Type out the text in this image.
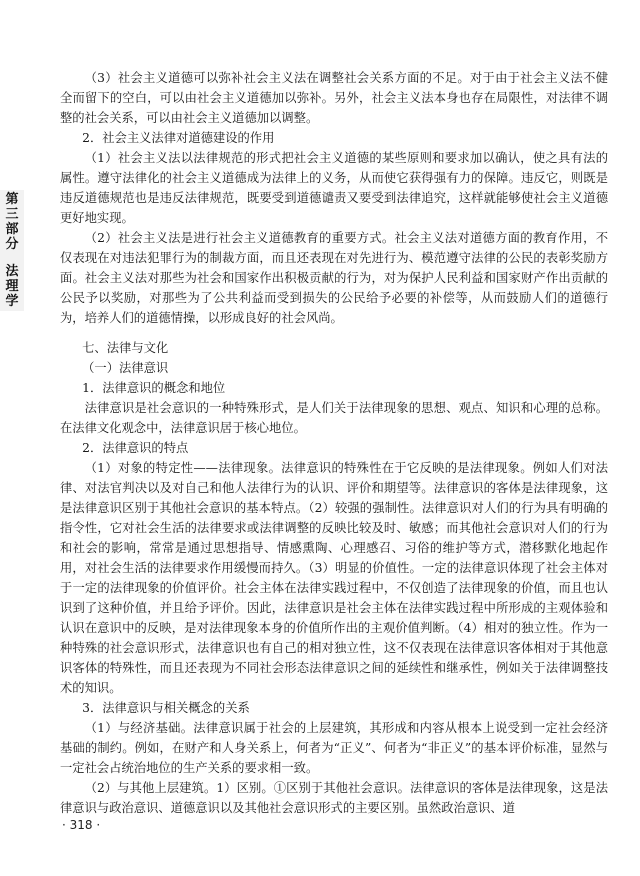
第
三
部
分
法
理
学

（3）社会主义道德可以弥补社会主义法在调整社会关系方面的不足。对于由于社会主义法不健全而留下的空白，可以由社会主义道德加以弥补。另外，社会主义法本身也存在局限性，对法律不调整的社会关系，可以由社会主义道德加以调整。

2．社会主义法律对道德建设的作用

（1）社会主义法以法律规范的形式把社会主义道德的某些原则和要求加以确认，使之具有法的属性。遵守法律化的社会主义道德成为法律上的义务，从而使它获得强有力的保障。违反它，则既是违反道德规范也是违反法律规范，既要受到道德谴责又要受到法律追究，这样就能够使社会主义道德更好地实现。

（2）社会主义法是进行社会主义道德教育的重要方式。社会主义法对道德方面的教育作用，不仅表现在对违法犯罪行为的制裁方面，而且还表现在对先进行为、模范遵守法律的公民的表彰奖励方面。社会主义法对那些为社会和国家作出积极贡献的行为，对为保护人民利益和国家财产作出贡献的公民予以奖励，对那些为了公共利益而受到损失的公民给予必要的补偿等，从而鼓励人们的道德行为，培养人们的道德情操，以形成良好的社会风尚。

七、法律与文化

（一）法律意识

1．法律意识的概念和地位

法律意识是社会意识的一种特殊形式，是人们关于法律现象的思想、观点、知识和心理的总称。在法律文化观念中，法律意识居于核心地位。

2．法律意识的特点

（1）对象的特定性——法律现象。法律意识的特殊性在于它反映的是法律现象。例如人们对法律、对法官判决以及对自己和他人法律行为的认识、评价和期望等。法律意识的客体是法律现象，这是法律意识区别于其他社会意识的基本特点。（2）较强的强制性。法律意识对人们的行为具有明确的指令性，它对社会生活的法律要求或法律调整的反映比较及时、敏感；而其他社会意识对人们的行为和社会的影响，常常是通过思想指导、情感熏陶、心理感召、习俗的维护等方式，潜移默化地起作用，对社会生活的法律要求作用缓慢而持久。（3）明显的价值性。一定的法律意识体现了社会主体对于一定的法律现象的价值评价。社会主体在法律实践过程中，不仅创造了法律现象的价值，而且也认识到了这种价值，并且给予评价。因此，法律意识是社会主体在法律实践过程中所形成的主观体验和认识在意识中的反映，是对法律现象本身的价值所作出的主观价值判断。（4）相对的独立性。作为一种特殊的社会意识形式，法律意识也有自己的相对独立性，这不仅表现在法律意识客体相对于其他意识客体的特殊性，而且还表现为不同社会形态法律意识之间的延续性和继承性，例如关于法律调整技术的知识。

3．法律意识与相关概念的关系

（1）与经济基础。法律意识属于社会的上层建筑，其形成和内容从根本上说受到一定社会经济基础的制约。例如，在财产和人身关系上，何者为“正义”、何者为“非正义”的基本评价标准，显然与一定社会占统治地位的生产关系的要求相一致。

（2）与其他上层建筑。1）区别。①区别于其他社会意识。法律意识的客体是法律现象，这是法律意识与政治意识、道德意识以及其他社会意识形式的主要区别。虽然政治意识、道

· 318 ·
